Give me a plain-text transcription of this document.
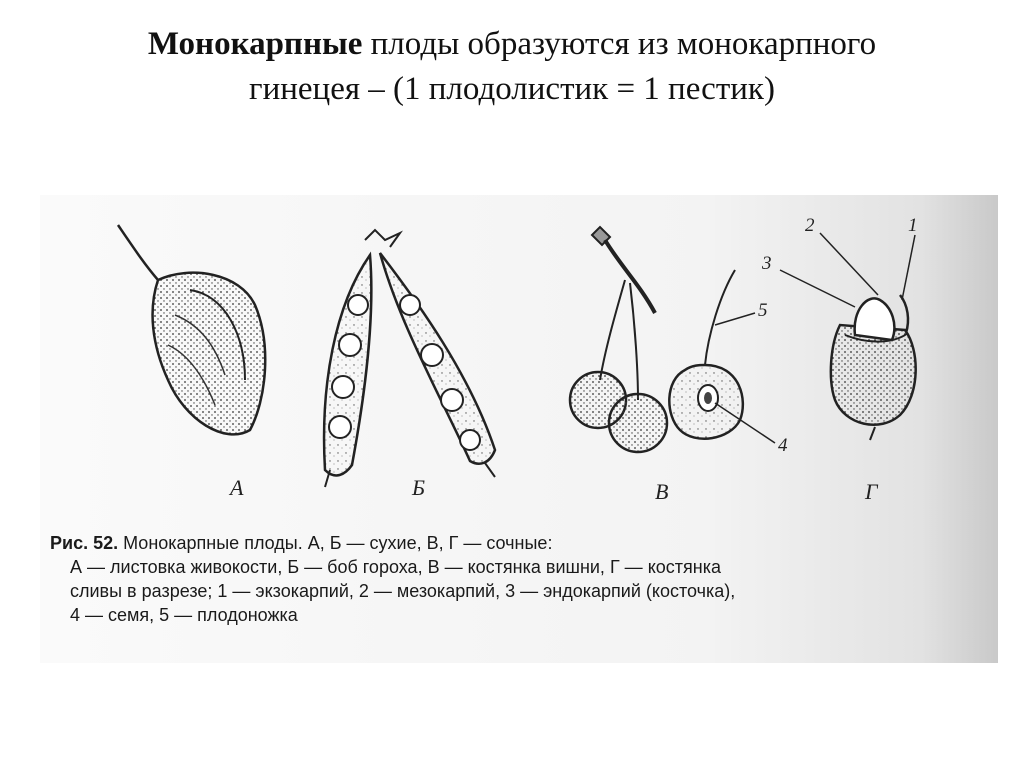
Монокарпные плоды образуются из монокарпного
гинецея – (1 плодолистик = 1 пестик)
А	Б	В	Г
1
2
3
4
5
Рис. 52. Монокарпные плоды. А, Б — сухие, В, Г — сочные:
А — листовка живокости, Б — боб гороха, В — костянка вишни, Г — костянка
сливы в разрезе; 1 — экзокарпий, 2 — мезокарпий, 3 — эндокарпий (косточка),
4 — семя, 5 — плодоножка
